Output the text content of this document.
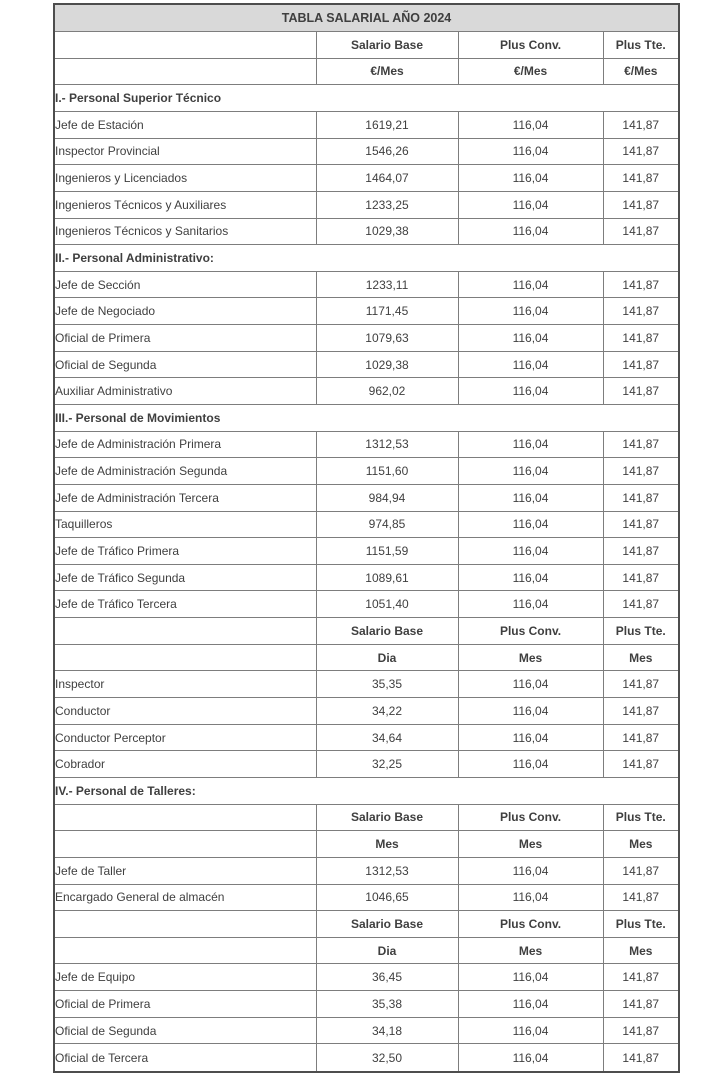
TABLA SALARIAL AÑO 2024			
	Salario Base	Plus Conv.	Plus Tte.
	€/Mes	€/Mes	€/Mes
I.- Personal Superior Técnico			
Jefe de Estación	1619,21	116,04	141,87
Inspector Provincial	1546,26	116,04	141,87
Ingenieros y Licenciados	1464,07	116,04	141,87
Ingenieros Técnicos y Auxiliares	1233,25	116,04	141,87
Ingenieros Técnicos y Sanitarios	1029,38	116,04	141,87
II.- Personal Administrativo:			
Jefe de Sección	1233,11	116,04	141,87
Jefe de Negociado	1171,45	116,04	141,87
Oficial de Primera	1079,63	116,04	141,87
Oficial de Segunda	1029,38	116,04	141,87
Auxiliar Administrativo	962,02	116,04	141,87
III.- Personal de Movimientos			
Jefe de Administración Primera	1312,53	116,04	141,87
Jefe de Administración Segunda	1151,60	116,04	141,87
Jefe de Administración Tercera	984,94	116,04	141,87
Taquilleros	974,85	116,04	141,87
Jefe de Tráfico Primera	1151,59	116,04	141,87
Jefe de Tráfico Segunda	1089,61	116,04	141,87
Jefe de Tráfico Tercera	1051,40	116,04	141,87
	Salario Base	Plus Conv.	Plus Tte.
	Dia	Mes	Mes
Inspector	35,35	116,04	141,87
Conductor	34,22	116,04	141,87
Conductor Perceptor	34,64	116,04	141,87
Cobrador	32,25	116,04	141,87
IV.- Personal de Talleres:			
	Salario Base	Plus Conv.	Plus Tte.
	Mes	Mes	Mes
Jefe de Taller	1312,53	116,04	141,87
Encargado General de almacén	1046,65	116,04	141,87
	Salario Base	Plus Conv.	Plus Tte.
	Dia	Mes	Mes
Jefe de Equipo	36,45	116,04	141,87
Oficial de Primera	35,38	116,04	141,87
Oficial de Segunda	34,18	116,04	141,87
Oficial de Tercera	32,50	116,04	141,87
